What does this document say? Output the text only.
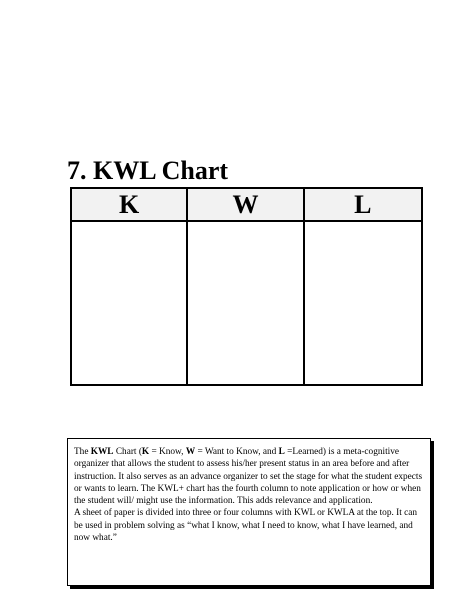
7. KWL Chart
K	W	L

The KWL Chart (K = Know, W = Want to Know, and L =Learned) is a meta-cognitive organizer that allows the student to assess his/her present status in an area before and after instruction. It also serves as an advance organizer to set the stage for what the student expects or wants to learn. The KWL+ chart has the fourth column to note application or how or when the student will/ might use the information. This adds relevance and application.

A sheet of paper is divided into three or four columns with KWL or KWLA at the top. It can be used in problem solving as “what I know, what I need to know, what I have learned, and now what.”
